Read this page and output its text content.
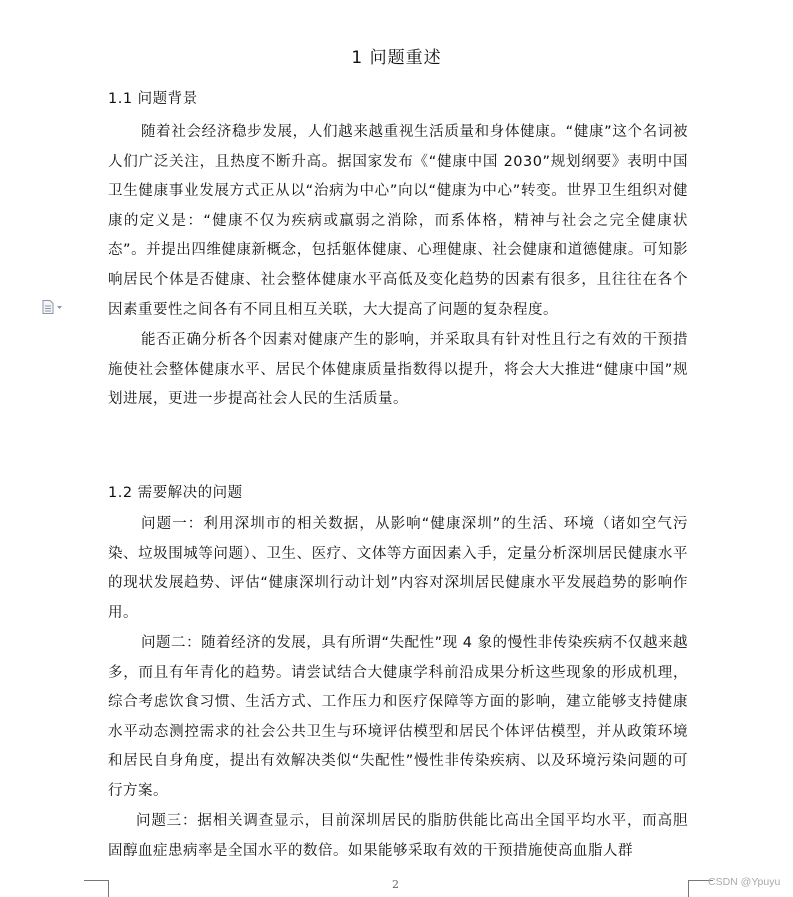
1 问题重述
1.1 问题背景

随着社会经济稳步发展，人们越来越重视生活质量和身体健康。“健康”这个名词被人们广泛关注，且热度不断升高。据国家发布《“健康中国 2030”规划纲要》表明中国卫生健康事业发展方式正从以“治病为中心”向以“健康为中心”转变。世界卫生组织对健康的定义是：“健康不仅为疾病或羸弱之消除，而系体格，精神与社会之完全健康状态”。并提出四维健康新概念，包括躯体健康、心理健康、社会健康和道德健康。可知影响居民个体是否健康、社会整体健康水平高低及变化趋势的因素有很多，且往往在各个因素重要性之间各有不同且相互关联，大大提高了问题的复杂程度。

能否正确分析各个因素对健康产生的影响，并采取具有针对性且行之有效的干预措施使社会整体健康水平、居民个体健康质量指数得以提升，将会大大推进“健康中国”规划进展，更进一步提高社会人民的生活质量。

1.2 需要解决的问题

问题一：利用深圳市的相关数据，从影响“健康深圳”的生活、环境（诸如空气污染、垃圾围城等问题）、卫生、医疗、文体等方面因素入手，定量分析深圳居民健康水平的现状发展趋势、评估“健康深圳行动计划”内容对深圳居民健康水平发展趋势的影响作用。

问题二：随着经济的发展，具有所谓“失配性”现 4 象的慢性非传染疾病不仅越来越多，而且有年青化的趋势。请尝试结合大健康学科前沿成果分析这些现象的形成机理，综合考虑饮食习惯、生活方式、工作压力和医疗保障等方面的影响，建立能够支持健康水平动态测控需求的社会公共卫生与环境评估模型和居民个体评估模型，并从政策环境和居民自身角度，提出有效解决类似“失配性”慢性非传染疾病、以及环境污染问题的可行方案。

问题三：据相关调查显示，目前深圳居民的脂肪供能比高出全国平均水平，而高胆固醇血症患病率是全国水平的数倍。如果能够采取有效的干预措施使高血脂人群

2	CSDN @Ypuyu
